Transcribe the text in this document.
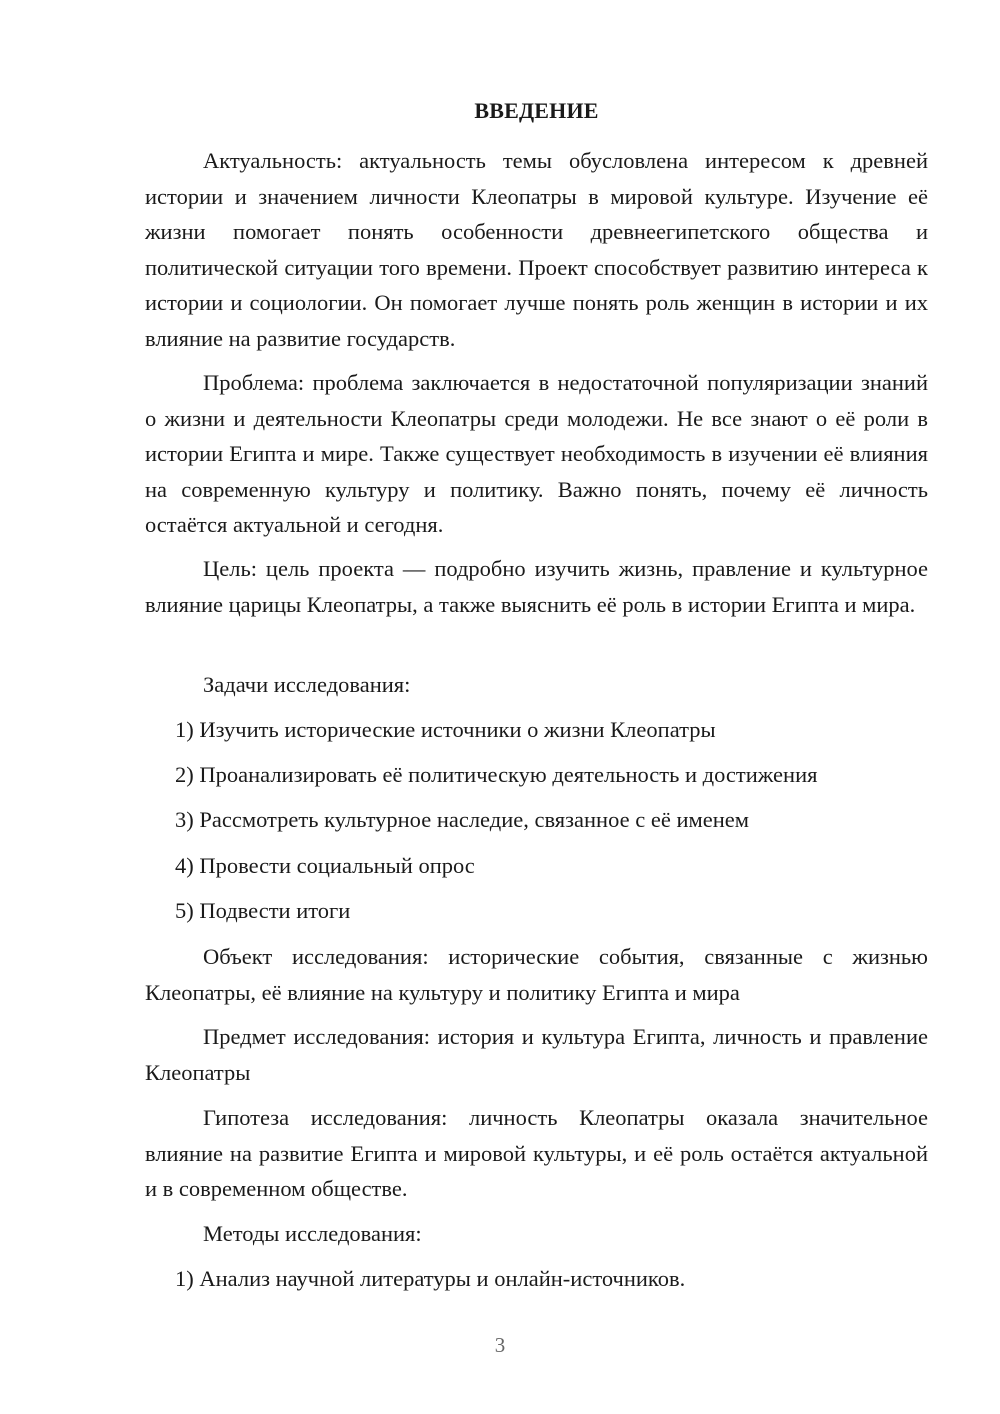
ВВЕДЕНИЕ

Актуальность: актуальность темы обусловлена интересом к древней истории и значением личности Клеопатры в мировой культуре. Изучение её жизни помогает понять особенности древнеегипетского общества и политической ситуации того времени. Проект способствует развитию интереса к истории и социологии. Он помогает лучше понять роль женщин в истории и их влияние на развитие государств.

Проблема: проблема заключается в недостаточной популяризации знаний о жизни и деятельности Клеопатры среди молодежи. Не все знают о её роли в истории Египта и мире. Также существует необходимость в изучении её влияния на современную культуру и политику. Важно понять, почему её личность остаётся актуальной и сегодня.

Цель: цель проекта — подробно изучить жизнь, правление и культурное влияние царицы Клеопатры, а также выяснить её роль в истории Египта и мира.

Задачи исследования:

1) Изучить исторические источники о жизни Клеопатры

2) Проанализировать её политическую деятельность и достижения

3) Рассмотреть культурное наследие, связанное с её именем

4) Провести социальный опрос

5) Подвести итоги

Объект исследования: исторические события, связанные с жизнью Клеопатры, её влияние на культуру и политику Египта и мира

Предмет исследования: история и культура Египта, личность и правление Клеопатры

Гипотеза исследования: личность Клеопатры оказала значительное влияние на развитие Египта и мировой культуры, и её роль остаётся актуальной и в современном обществе.

Методы исследования:

1) Анализ научной литературы и онлайн-источников.

3
